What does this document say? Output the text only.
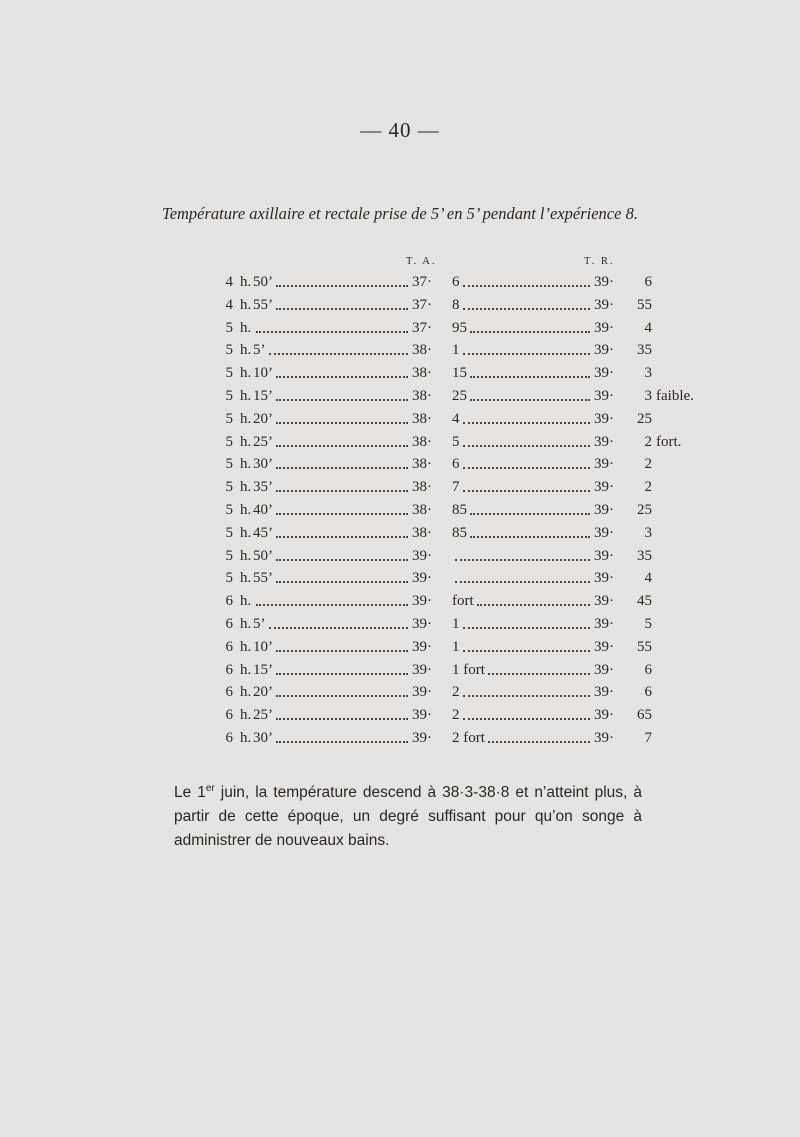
— 40 —
Température axillaire et rectale prise de 5’ en 5’ pendant l’expérience 8.
T. A.	T. R.
4 h. 50’	37· 6	39·	6
4 h. 55’	37· 8	39·	55
5 h.	37· 95	39·	4
5 h. 5’	38· 1	39·	35
5 h. 10’	38· 15	39·	3
5 h. 15’	38· 25	39·	3 faible.
5 h. 20’	38· 4	39·	25
5 h. 25’	38· 5	39·	2 fort.
5 h. 30’	38· 6	39·	2
5 h. 35’	38· 7	39·	2
5 h. 40’	38· 85	39·	25
5 h. 45’	38· 85	39·	3
5 h. 50’	39·	39·	35
5 h. 55’	39·	39·	4
6 h.	39· fort	39·	45
6 h. 5’	39· 1	39·	5
6 h. 10’	39· 1	39·	55
6 h. 15’	39· 1 fort	39·	6
6 h. 20’	39· 2	39·	6
6 h. 25’	39· 2	39·	65
6 h. 30’	39· 2 fort	39·	7

Le 1er juin, la température descend à 38·3-38·8 et n’atteint plus, à partir de cette époque, un degré suffisant pour qu’on songe à administrer de nouveaux bains.
